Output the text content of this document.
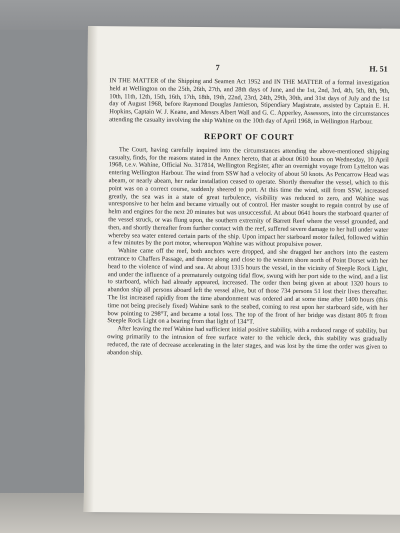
7	H. 51

IN THE MATTER of the Shipping and Seamen Act 1952 and IN THE MATTER of a formal investigation held at Wellington on the 25th, 26th, 27th, and 28th days of June, and the 1st, 2nd, 3rd, 4th, 5th, 8th, 9th, 10th, 11th, 12th, 15th, 16th, 17th, 18th, 19th, 22nd, 23rd, 24th, 29th, 30th, and 31st days of July and the 1st day of August 1968, before Raymond Douglas Jamieson, Stipendiary Magistrate, assisted by Captain E. H. Hopkins, Captain W. J. Keane, and Messrs Albert Wall and G. C. Apperley, Assessors, into the circumstances attending the casualty involving the ship Wahine on the 10th day of April 1968, in Wellington Harbour.

REPORT OF COURT

The Court, having carefully inquired into the circumstances attending the above-mentioned shipping casualty, finds, for the reasons stated in the Annex hereto, that at about 0610 hours on Wednesday, 10 April 1968, t.e.v. Wahine, Official No. 317814, Wellington Register, after an overnight voyage from Lyttelton was entering Wellington Harbour. The wind from SSW had a velocity of about 50 knots. As Pencarrow Head was abeam, or nearly abeam, her radar installation ceased to operate. Shortly thereafter the vessel, which to this point was on a correct course, suddenly sheered to port. At this time the wind, still from SSW, increased greatly, the sea was in a state of great turbulence, visibility was reduced to zero, and Wahine was unresponsive to her helm and became virtually out of control. Her master sought to regain control by use of helm and engines for the next 20 minutes but was unsuccessful. At about 0641 hours the starboard quarter of the vessel struck, or was flung upon, the southern extremity of Barrett Reef where the vessel grounded, and then, and shortly thereafter from further contact with the reef, suffered severe damage to her hull under water whereby sea water entered certain parts of the ship. Upon impact her starboard motor failed, followed within a few minutes by the port motor, whereupon Wahine was without propulsive power.

Wahine came off the reef, both anchors were dropped, and she dragged her anchors into the eastern entrance to Chaffers Passage, and thence along and close to the western shore north of Point Dorset with her head to the violence of wind and sea. At about 1315 hours the vessel, in the vicinity of Steeple Rock Light, and under the influence of a prematurely outgoing tidal flow, swung with her port side to the wind, and a list to starboard, which had already appeared, increased. The order then being given at about 1320 hours to abandon ship all persons aboard left the vessel alive, but of those 734 persons 51 lost their lives thereafter. The list increased rapidly from the time abandonment was ordered and at some time after 1400 hours (this time not being precisely fixed) Wahine sank to the seabed, coming to rest upon her starboard side, with her bow pointing to 298°T, and became a total loss. The top of the front of her bridge was distant 805 ft from Steeple Rock Light on a bearing from that light of 134°T.

After leaving the reef Wahine had sufficient initial positive stability, with a reduced range of stability, but owing primarily to the intrusion of free surface water to the vehicle deck, this stability was gradually reduced, the rate of decrease accelerating in the later stages, and was lost by the time the order was given to abandon ship.
